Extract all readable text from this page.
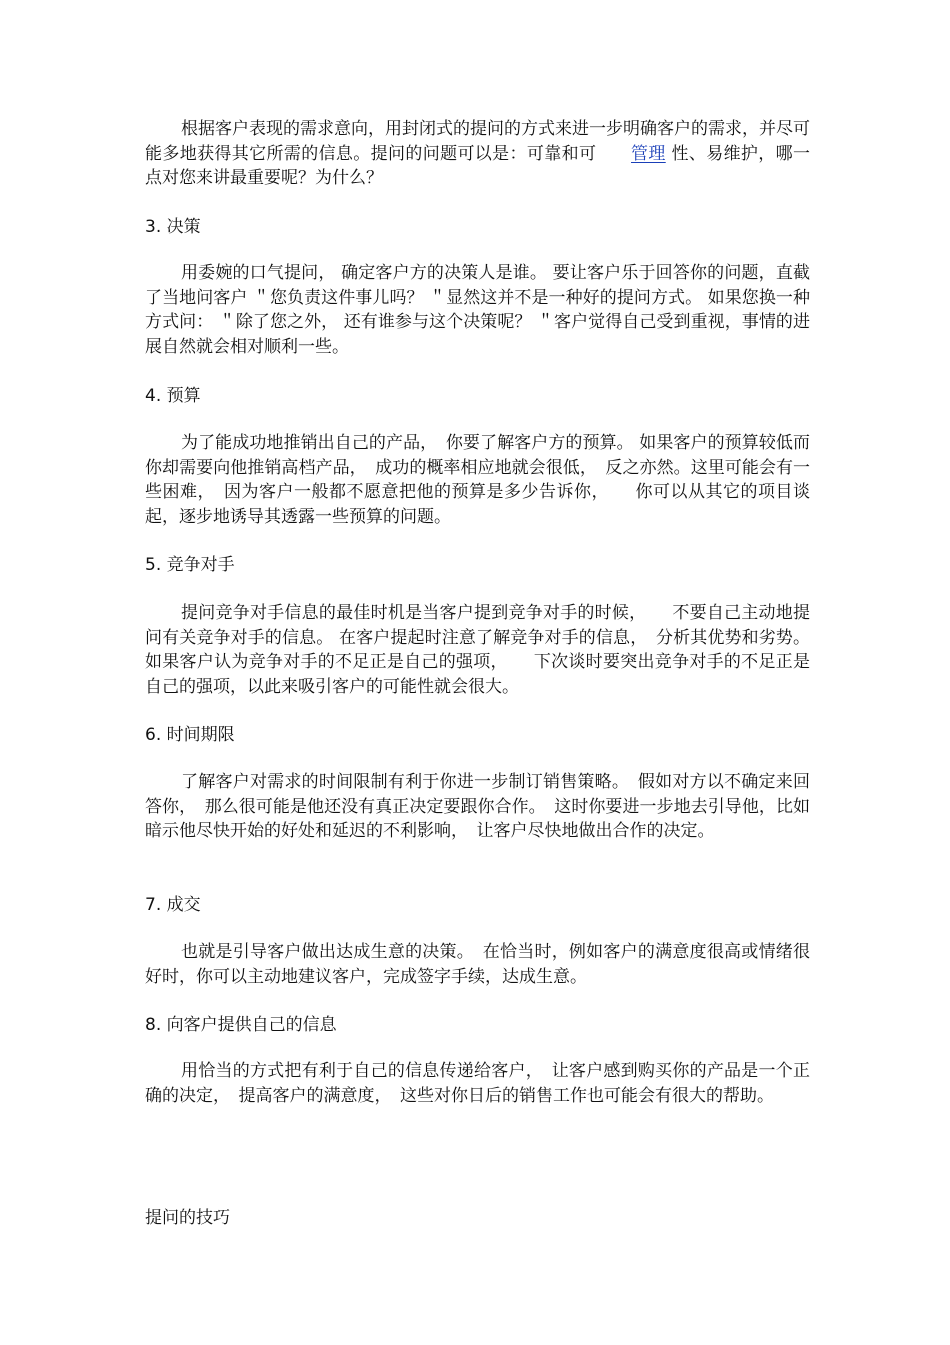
根据客户表现的需求意向，用封闭式的提问的方式来进一步明确客户的需求，并尽可能多地获得其它所需的信息。提问的问题可以是：可靠和可　　管理 性、易维护，哪一点对您来讲最重要呢？为什么？

3. 决策

用委婉的口气提问， 确定客户方的决策人是谁。 要让客户乐于回答你的问题，直截了当地问客户 ＂您负责这件事儿吗？ ＂显然这并不是一种好的提问方式。 如果您换一种方式问： ＂除了您之外， 还有谁参与这个决策呢？ ＂客户觉得自己受到重视，事情的进展自然就会相对顺利一些。

4. 预算

为了能成功地推销出自己的产品，　你要了解客户方的预算。 如果客户的预算较低而你却需要向他推销高档产品，　成功的概率相应地就会很低，　反之亦然。这里可能会有一些困难，　因为客户一般都不愿意把他的预算是多少告诉你，　　你可以从其它的项目谈起，逐步地诱导其透露一些预算的问题。

5. 竞争对手

提问竞争对手信息的最佳时机是当客户提到竞争对手的时候，　　不要自己主动地提问有关竞争对手的信息。 在客户提起时注意了解竞争对手的信息，　分析其优势和劣势。如果客户认为竞争对手的不足正是自己的强项，　　下次谈时要突出竞争对手的不足正是自己的强项，以此来吸引客户的可能性就会很大。

6. 时间期限

了解客户对需求的时间限制有利于你进一步制订销售策略。　假如对方以不确定来回答你，　那么很可能是他还没有真正决定要跟你合作。　这时你要进一步地去引导他，比如暗示他尽快开始的好处和延迟的不利影响，　让客户尽快地做出合作的决定。

7. 成交

也就是引导客户做出达成生意的决策。　在恰当时，例如客户的满意度很高或情绪很好时，你可以主动地建议客户，完成签字手续，达成生意。

8. 向客户提供自己的信息

用恰当的方式把有利于自己的信息传递给客户，　让客户感到购买你的产品是一个正确的决定，　提高客户的满意度，　这些对你日后的销售工作也可能会有很大的帮助。

提问的技巧
